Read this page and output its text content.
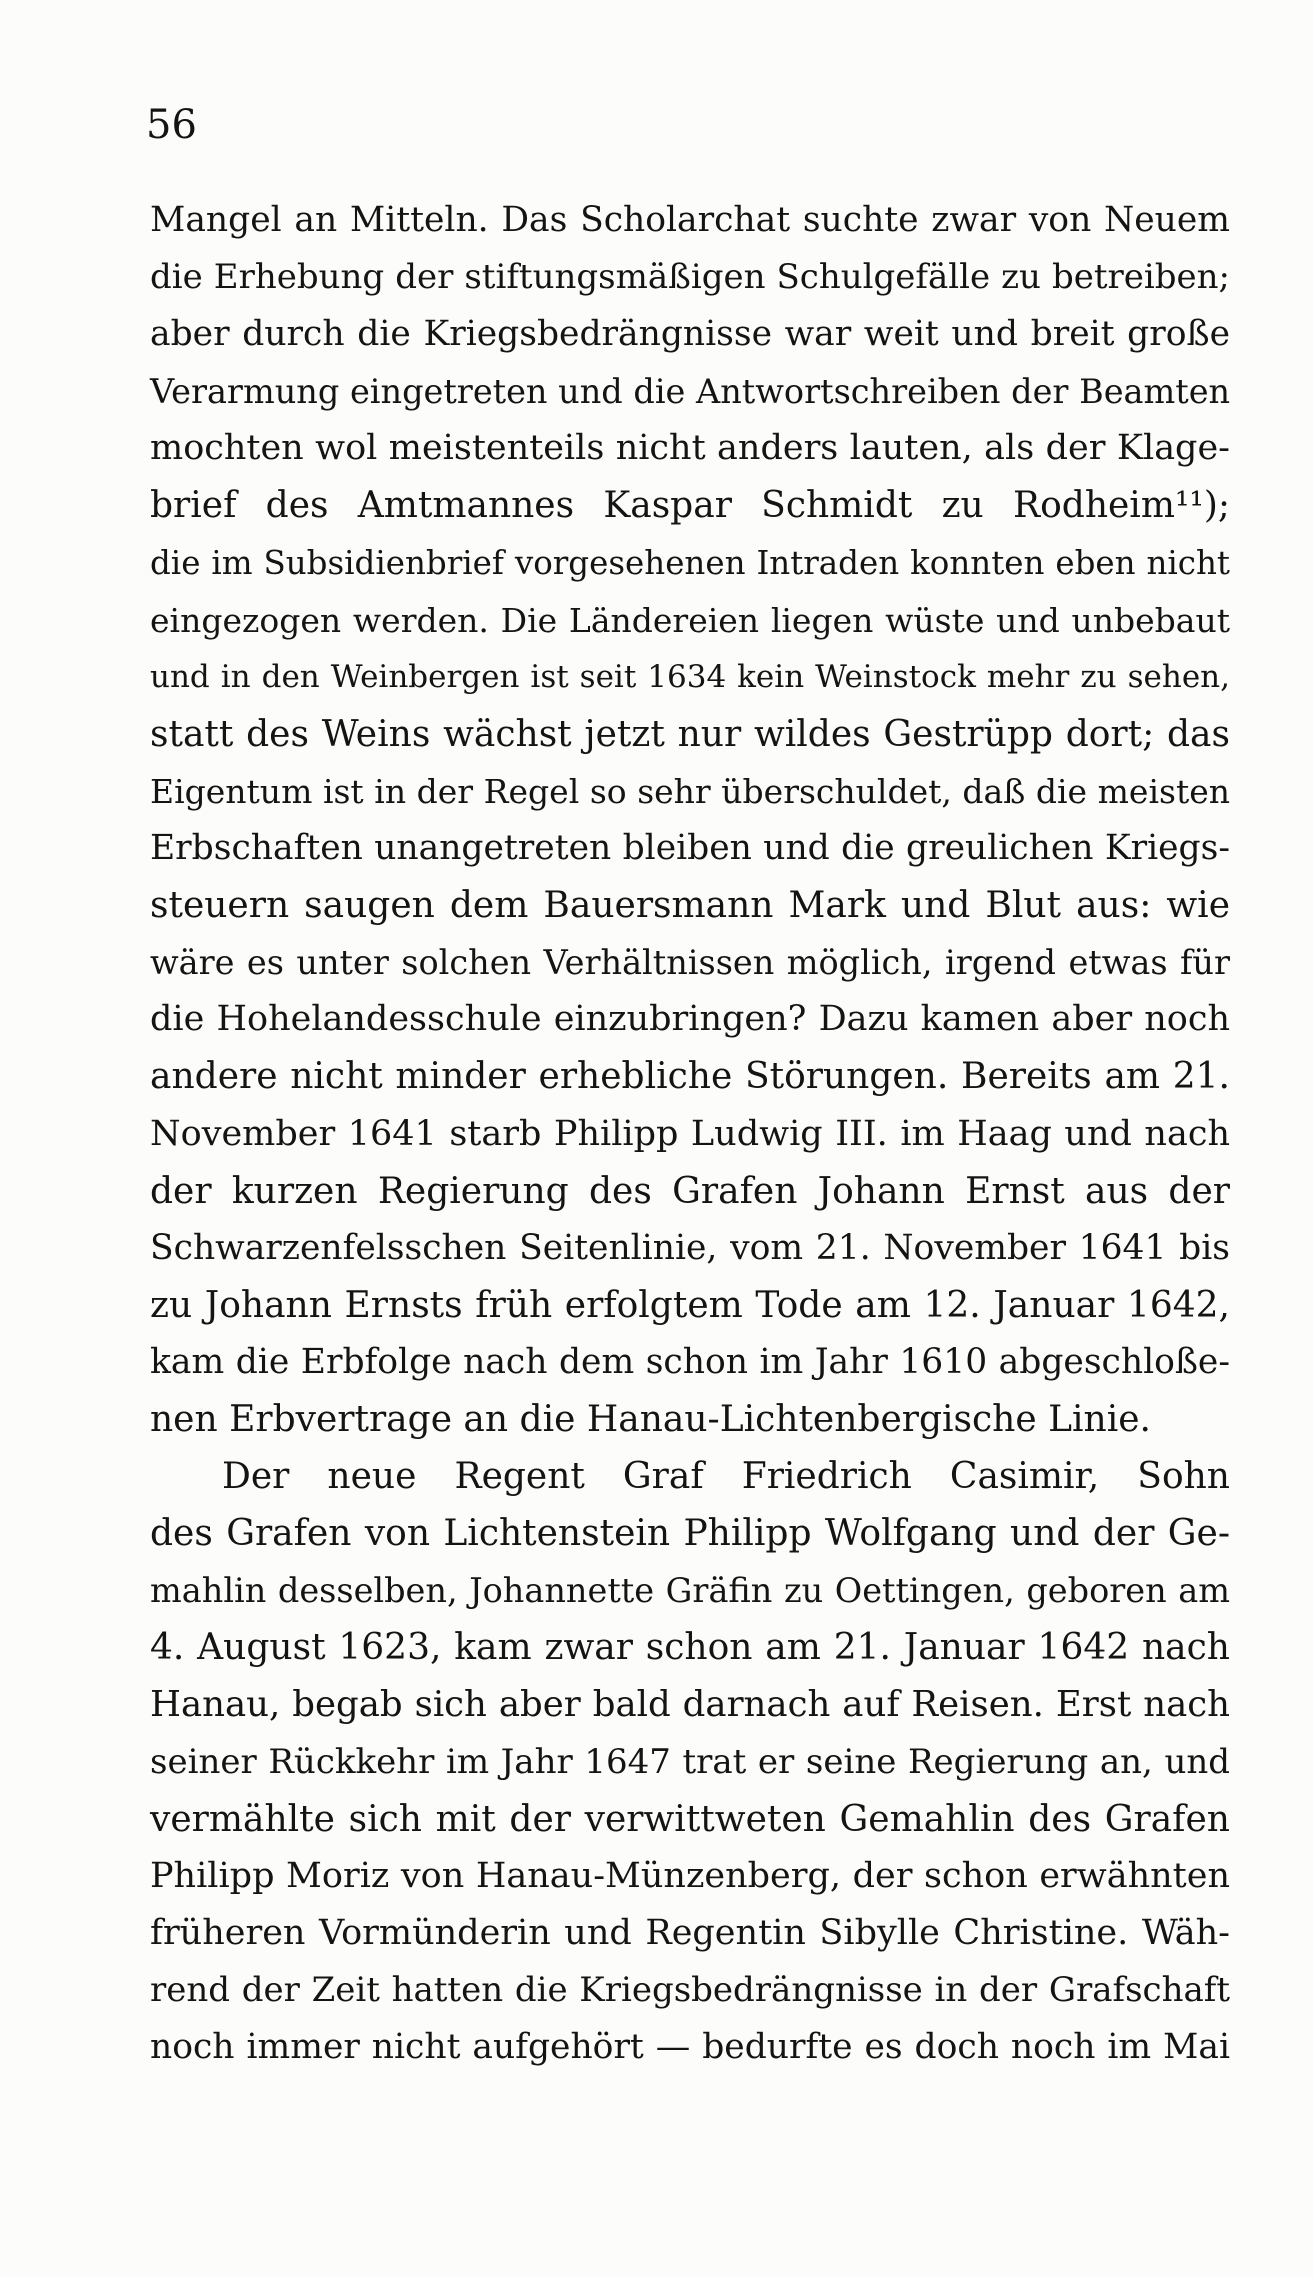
56
Mangel an Mitteln. Das Scholarchat suchte zwar von Neuem
die Erhebung der stiftungsmäßigen Schulgefälle zu betreiben;
aber durch die Kriegsbedrängnisse war weit und breit große
Verarmung eingetreten und die Antwortschreiben der Beamten
mochten wol meistenteils nicht anders lauten, als der Klage-
brief des Amtmannes Kaspar Schmidt zu Rodheim¹¹);
die im Subsidienbrief vorgesehenen Intraden konnten eben nicht
eingezogen werden. Die Ländereien liegen wüste und unbebaut
und in den Weinbergen ist seit 1634 kein Weinstock mehr zu sehen,
statt des Weins wächst jetzt nur wildes Gestrüpp dort; das
Eigentum ist in der Regel so sehr überschuldet, daß die meisten
Erbschaften unangetreten bleiben und die greulichen Kriegs-
steuern saugen dem Bauersmann Mark und Blut aus: wie
wäre es unter solchen Verhältnissen möglich, irgend etwas für
die Hohelandesschule einzubringen? Dazu kamen aber noch
andere nicht minder erhebliche Störungen. Bereits am 21.
November 1641 starb Philipp Ludwig III. im Haag und nach
der kurzen Regierung des Grafen Johann Ernst aus der
Schwarzenfelsschen Seitenlinie, vom 21. November 1641 bis
zu Johann Ernsts früh erfolgtem Tode am 12. Januar 1642,
kam die Erbfolge nach dem schon im Jahr 1610 abgeschloße-
nen Erbvertrage an die Hanau-Lichtenbergische Linie.
Der neue Regent Graf Friedrich Casimir, Sohn
des Grafen von Lichtenstein Philipp Wolfgang und der Ge-
mahlin desselben, Johannette Gräfin zu Oettingen, geboren am
4. August 1623, kam zwar schon am 21. Januar 1642 nach
Hanau, begab sich aber bald darnach auf Reisen. Erst nach
seiner Rückkehr im Jahr 1647 trat er seine Regierung an, und
vermählte sich mit der verwittweten Gemahlin des Grafen
Philipp Moriz von Hanau-Münzenberg, der schon erwähnten
früheren Vormünderin und Regentin Sibylle Christine. Wäh-
rend der Zeit hatten die Kriegsbedrängnisse in der Grafschaft
noch immer nicht aufgehört — bedurfte es doch noch im Mai
